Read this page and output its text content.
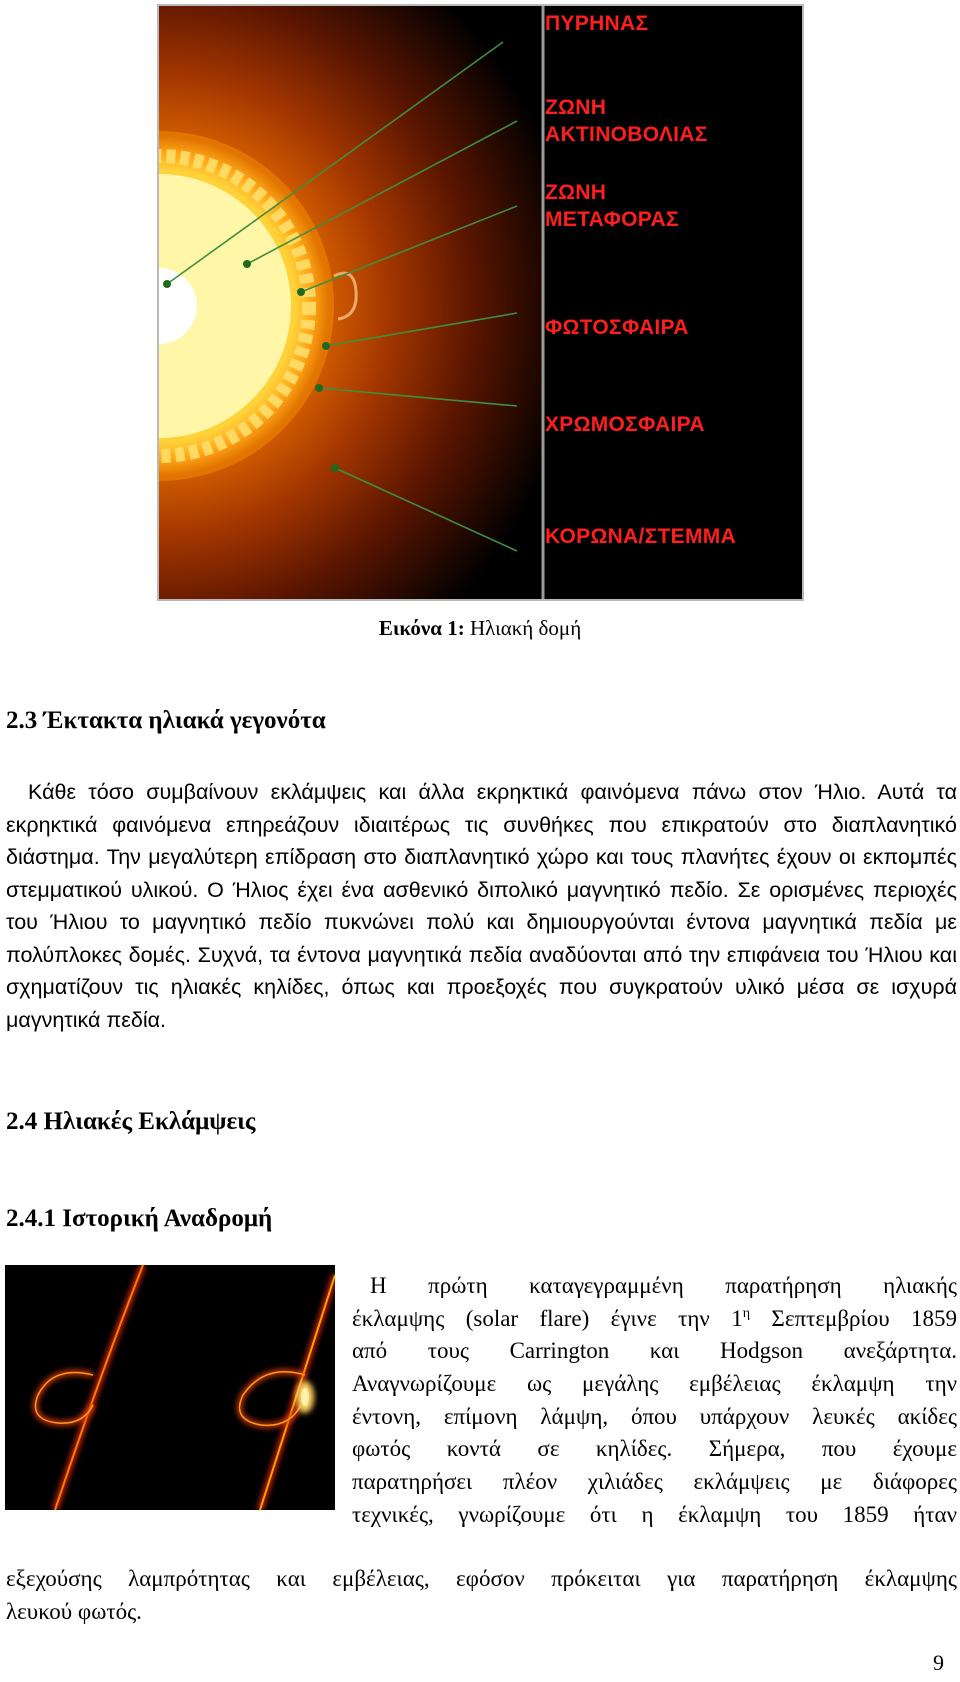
ΠΥΡΗΝΑΣ
ΖΩΝΗ
ΑΚΤΙΝΟΒΟΛΙΑΣ
ΖΩΝΗ
ΜΕΤΑΦΟΡΑΣ
ΦΩΤΟΣΦΑΙΡΑ
ΧΡΩΜΟΣΦΑΙΡΑ
ΚΟΡΩΝΑ/ΣΤΕΜΜΑ
Εικόνα 1: Ηλιακή δομή
2.3 Έκτακτα ηλιακά γεγονότα
Κάθε τόσο συμβαίνουν εκλάμψεις και άλλα εκρηκτικά φαινόμενα πάνω στον Ήλιο. Αυτά τα εκρηκτικά φαινόμενα επηρεάζουν ιδιαιτέρως τις συνθήκες που επικρατούν στο διαπλανητικό διάστημα. Την μεγαλύτερη επίδραση στο διαπλανητικό χώρο και τους πλανήτες έχουν οι εκπομπές στεμματικού υλικού. Ο Ήλιος έχει ένα ασθενικό διπολικό μαγνητικό πεδίο. Σε ορισμένες περιοχές του Ήλιου το μαγνητικό πεδίο πυκνώνει πολύ και δημιουργούνται έντονα μαγνητικά πεδία με πολύπλοκες δομές. Συχνά, τα έντονα μαγνητικά πεδία αναδύονται από την επιφάνεια του Ήλιου και σχηματίζουν τις ηλιακές κηλίδες, όπως και προεξοχές που συγκρατούν υλικό μέσα σε ισχυρά μαγνητικά πεδία.
2.4 Ηλιακές Εκλάμψεις
2.4.1 Ιστορική Αναδρομή
Η πρώτη καταγεγραμμένη παρατήρηση ηλιακής
έκλαμψης (solar flare) έγινε την $1^\eta$ Σεπτεμβρίου 1859
από τους Carrington και Hodgson ανεξάρτητα.
Αναγνωρίζουμε ως μεγάλης εμβέλειας έκλαμψη την
έντονη, επίμονη λάμψη, όπου υπάρχουν λευκές ακίδες
φωτός κοντά σε κηλίδες. Σήμερα, που έχουμε
παρατηρήσει πλέον χιλιάδες εκλάμψεις με διάφορες
τεχνικές, γνωρίζουμε ότι η έκλαμψη του 1859 ήταν
εξεχούσης λαμπρότητας και εμβέλειας, εφόσον πρόκειται για παρατήρηση έκλαμψης
λευκού φωτός.
9
